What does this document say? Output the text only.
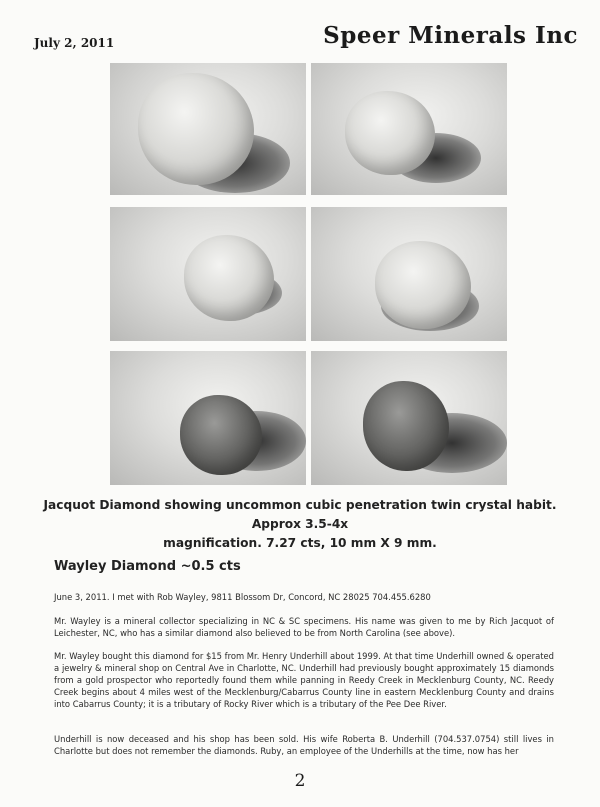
July 2, 2011	Speer Minerals Inc
Jacquot Diamond showing uncommon cubic penetration twin crystal habit. Approx 3.5-4x
magnification. 7.27 cts, 10 mm X 9 mm.
Wayley Diamond ~0.5 cts
June 3, 2011. I met with Rob Wayley, 9811 Blossom Dr, Concord, NC 28025 704.455.6280
Mr. Wayley is a mineral collector specializing in NC & SC specimens. His name was given to me by Rich Jacquot of Leichester, NC, who has a similar diamond also believed to be from North Carolina (see above).
Mr. Wayley bought this diamond for $15 from Mr. Henry Underhill about 1999. At that time Underhill owned & operated a jewelry & mineral shop on Central Ave in Charlotte, NC. Underhill had previously bought approximately 15 diamonds from a gold prospector who reportedly found them while panning in Reedy Creek in Mecklenburg County, NC. Reedy Creek begins about 4 miles west of the Mecklenburg/Cabarrus County line in eastern Mecklenburg County and drains into Cabarrus County; it is a tributary of Rocky River which is a tributary of the Pee Dee River.
Underhill is now deceased and his shop has been sold. His wife Roberta B. Underhill (704.537.0754) still lives in Charlotte but does not remember the diamonds. Ruby, an employee of the Underhills at the time, now has her
2
